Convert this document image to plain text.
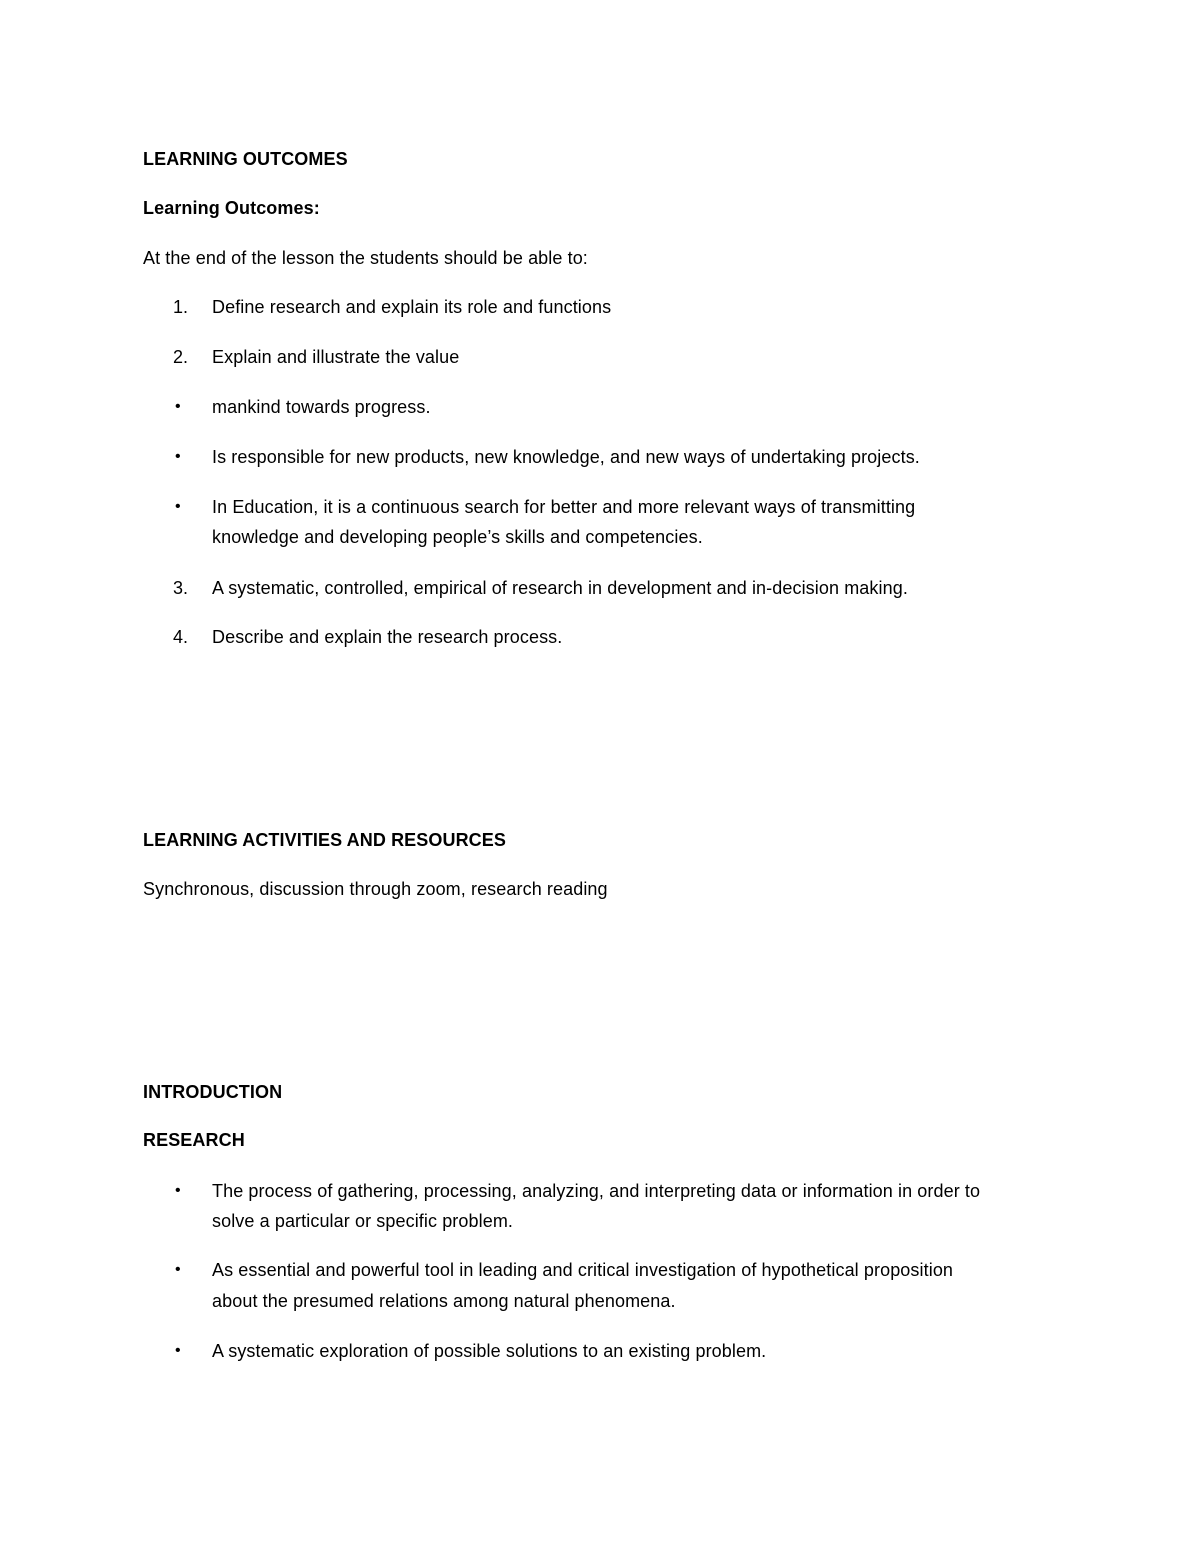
LEARNING OUTCOMES
Learning Outcomes:
At the end of the lesson the students should be able to:
1.	Define research and explain its role and functions
2.	Explain and illustrate the value
• mankind towards progress.
• Is responsible for new products, new knowledge, and new ways of undertaking projects.
• In Education, it is a continuous search for better and more relevant ways of transmitting
knowledge and developing people’s skills and competencies.
3.	A systematic, controlled, empirical of research in development and in-decision making.
4.	Describe and explain the research process.
LEARNING ACTIVITIES AND RESOURCES
Synchronous, discussion through zoom, research reading
INTRODUCTION
RESEARCH
• The process of gathering, processing, analyzing, and interpreting data or information in order to
solve a particular or specific problem.
• As essential and powerful tool in leading and critical investigation of hypothetical proposition
about the presumed relations among natural phenomena.
• A systematic exploration of possible solutions to an existing problem.
